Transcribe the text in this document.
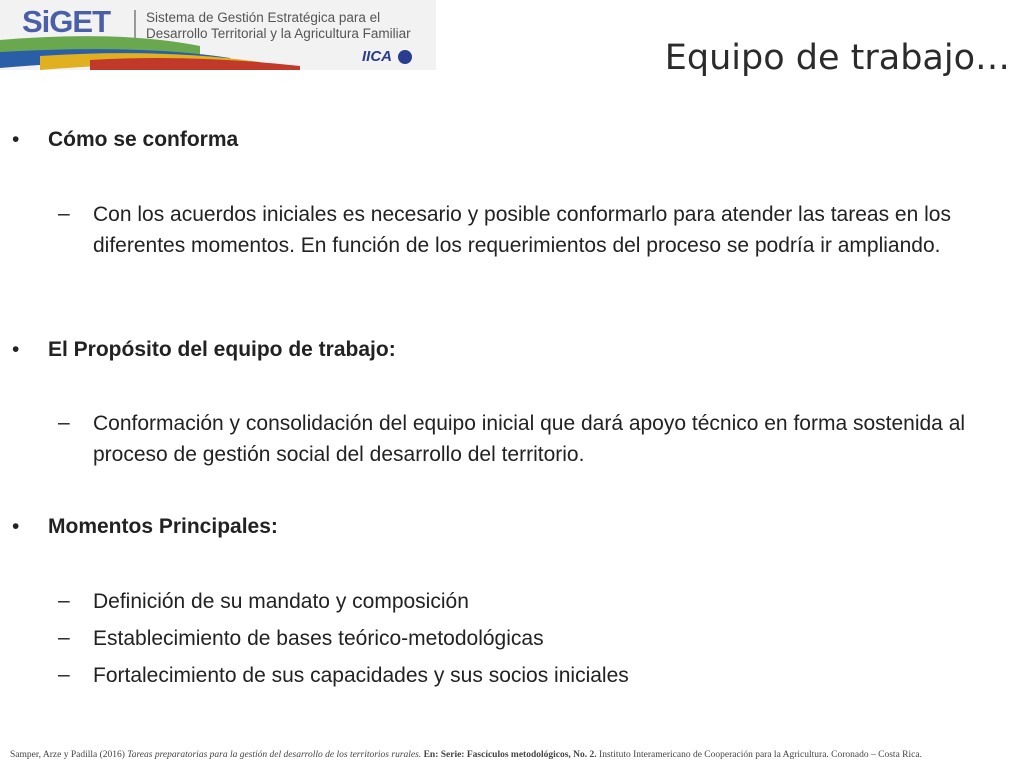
SiGET	Sistema de Gestión Estratégica para el
Desarrollo Territorial y la Agricultura Familiar
IICA	Equipo de trabajo…
• Cómo se conforma
– Con los acuerdos iniciales es necesario y posible conformarlo para atender las tareas en los diferentes momentos. En función de los requerimientos del proceso se podría ir ampliando.
• El Propósito del equipo de trabajo:
– Conformación y consolidación del equipo inicial que dará apoyo técnico en forma sostenida al proceso de gestión social del desarrollo del territorio.
• Momentos Principales:
– Definición de su mandato y composición
– Establecimiento de bases teórico-metodológicas
– Fortalecimiento de sus capacidades y sus socios iniciales
Samper, Arze y Padilla (2016) Tareas preparatorias para la gestión del desarrollo de los territorios rurales. En: Serie: Fascículos metodológicos, No. 2. Instituto Interamericano de Cooperación para la Agricultura. Coronado – Costa Rica.
